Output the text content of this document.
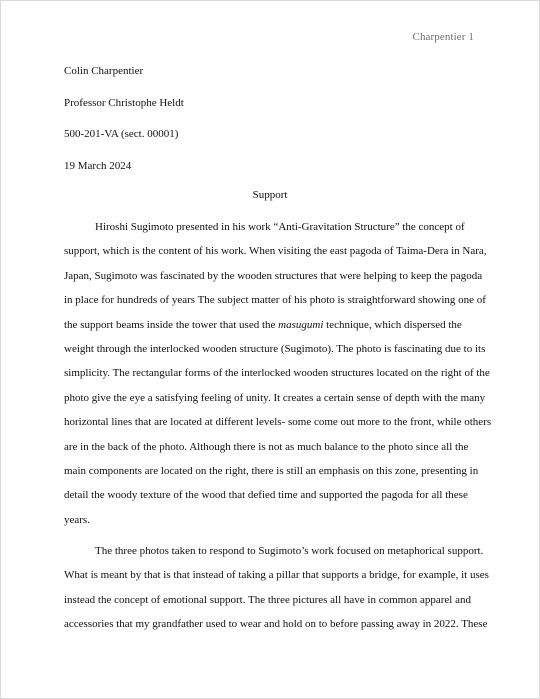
Charpentier 1
Colin Charpentier
Professor Christophe Heldt
500-201-VA (sect. 00001)
19 March 2024
Support
Hiroshi Sugimoto presented in his work “Anti-Gravitation Structure” the concept of
support, which is the content of his work. When visiting the east pagoda of Taima-Dera in Nara,
Japan, Sugimoto was fascinated by the wooden structures that were helping to keep the pagoda
in place for hundreds of years The subject matter of his photo is straightforward showing one of
the support beams inside the tower that used the masugumi technique, which dispersed the
weight through the interlocked wooden structure (Sugimoto). The photo is fascinating due to its
simplicity. The rectangular forms of the interlocked wooden structures located on the right of the
photo give the eye a satisfying feeling of unity. It creates a certain sense of depth with the many
horizontal lines that are located at different levels- some come out more to the front, while others
are in the back of the photo. Although there is not as much balance to the photo since all the
main components are located on the right, there is still an emphasis on this zone, presenting in
detail the woody texture of the wood that defied time and supported the pagoda for all these
years.
The three photos taken to respond to Sugimoto’s work focused on metaphorical support.
What is meant by that is that instead of taking a pillar that supports a bridge, for example, it uses
instead the concept of emotional support. The three pictures all have in common apparel and
accessories that my grandfather used to wear and hold on to before passing away in 2022. These
